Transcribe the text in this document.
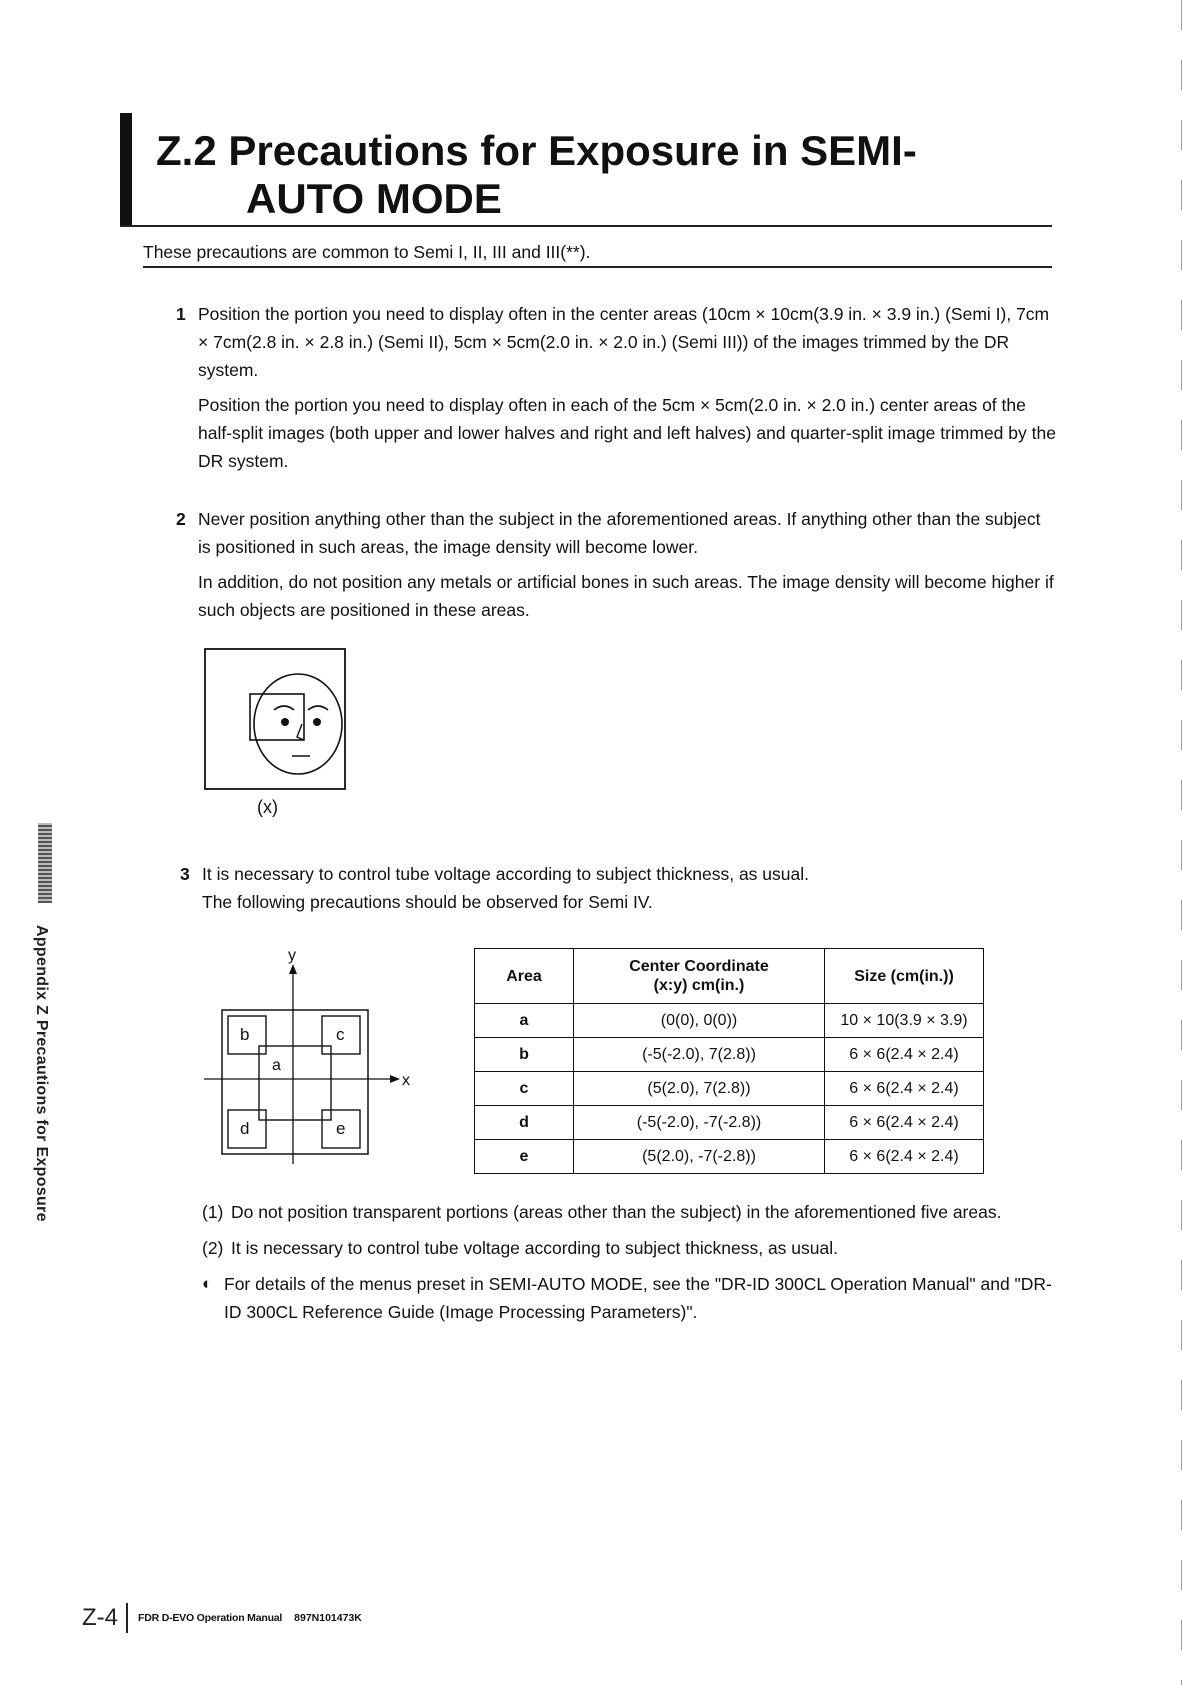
Z.2 Precautions for Exposure in SEMI-
AUTO MODE
These precautions are common to Semi I, II, III and III(**).
1 Position the portion you need to display often in the center areas (10cm × 10cm(3.9 in. × 3.9 in.) (Semi I), 7cm × 7cm(2.8 in. × 2.8 in.) (Semi II), 5cm × 5cm(2.0 in. × 2.0 in.) (Semi III)) of the images trimmed by the DR system.

Position the portion you need to display often in each of the 5cm × 5cm(2.0 in. × 2.0 in.) center areas of the half-split images (both upper and lower halves and right and left halves) and quarter-split image trimmed by the DR system.

2 Never position anything other than the subject in the aforementioned areas. If anything other than the subject is positioned in such areas, the image density will become lower.

In addition, do not position any metals or artificial bones in such areas. The image density will become higher if such objects are positioned in these areas.

(x)
3 It is necessary to control tube voltage according to subject thickness, as usual.
The following precautions should be observed for Semi IV.
y
x
a
b	c
d	e
Area	Center Coordinate (x:y) cm(in.)	Size (cm(in.))
a	(0(0), 0(0))	10 × 10(3.9 × 3.9)
b	(-5(-2.0), 7(2.8))	6 × 6(2.4 × 2.4)
c	(5(2.0), 7(2.8))	6 × 6(2.4 × 2.4)
d	(-5(-2.0), -7(-2.8))	6 × 6(2.4 × 2.4)
e	(5(2.0), -7(-2.8))	6 × 6(2.4 × 2.4)
(1) Do not position transparent portions (areas other than the subject) in the aforementioned five areas.
(2) It is necessary to control tube voltage according to subject thickness, as usual.
◐ For details of the menus preset in SEMI-AUTO MODE, see the "DR-ID 300CL Operation Manual" and "DR-ID 300CL Reference Guide (Image Processing Parameters)".
Appendix Z Precautions for Exposure
Z-4 FDR D-EVO Operation Manual 897N101473K
